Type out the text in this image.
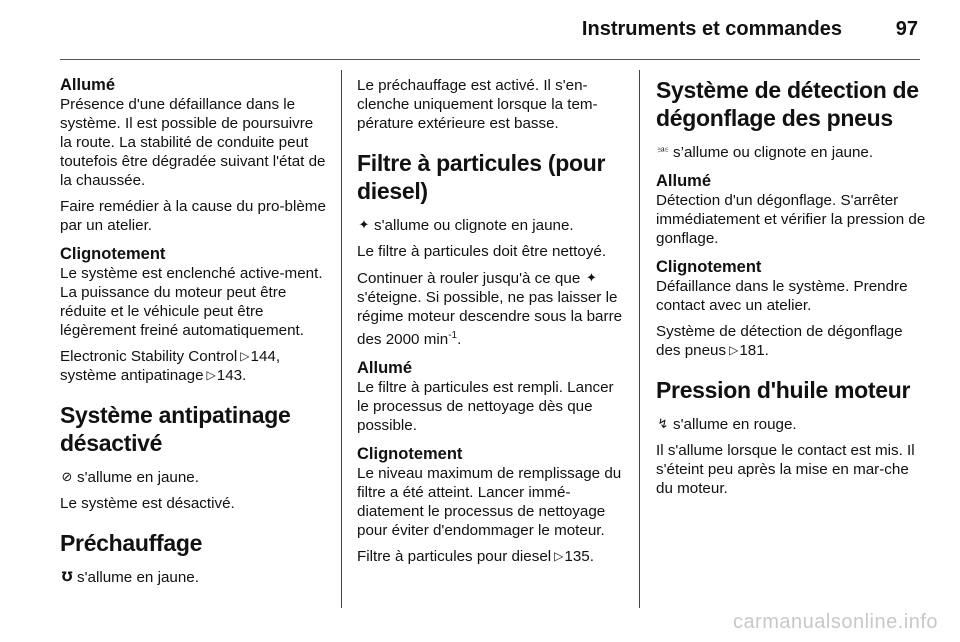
Instruments et commandes	97
Allumé

Présence d'une défaillance dans le système. Il est possible de poursuivre la route. La stabilité de conduite peut toutefois être dégradée suivant l'état de la chaussée.

Faire remédier à la cause du pro-blème par un atelier.

Clignotement

Le système est enclenché active-ment. La puissance du moteur peut être réduite et le véhicule peut être légèrement freiné automatiquement.

Electronic Stability Control ▷144,
système antipatinage ▷143.

Système antipatinage désactivé

⊘ s'allume en jaune.

Le système est désactivé.

Préchauffage

℧ s'allume en jaune.

Le préchauffage est activé. Il s'en-clenche uniquement lorsque la tem-pérature extérieure est basse.

Filtre à particules (pour diesel)

✦ s'allume ou clignote en jaune.

Le filtre à particules doit être nettoyé.

Continuer à rouler jusqu'à ce que ✦
s'éteigne. Si possible, ne pas laisser le régime moteur descendre sous la barre des 2000 $\min^{-1}$.

Allumé

Le filtre à particules est rempli. Lancer le processus de nettoyage dès que possible.

Clignotement

Le niveau maximum de remplissage du filtre a été atteint. Lancer immé-diatement le processus de nettoyage pour éviter d'endommager le moteur.

Filtre à particules pour diesel ▷135.

Système de détection de dégonflage des pneus

⎃ s’allume ou clignote en jaune.

Allumé

Détection d'un dégonflage. S'arrêter immédiatement et vérifier la pression de gonflage.

Clignotement

Défaillance dans le système. Prendre contact avec un atelier.

Système de détection de dégonflage des pneus ▷181.

Pression d'huile moteur

↯ s'allume en rouge.

Il s'allume lorsque le contact est mis. Il s'éteint peu après la mise en mar-che du moteur.

carmanualsonline.info
